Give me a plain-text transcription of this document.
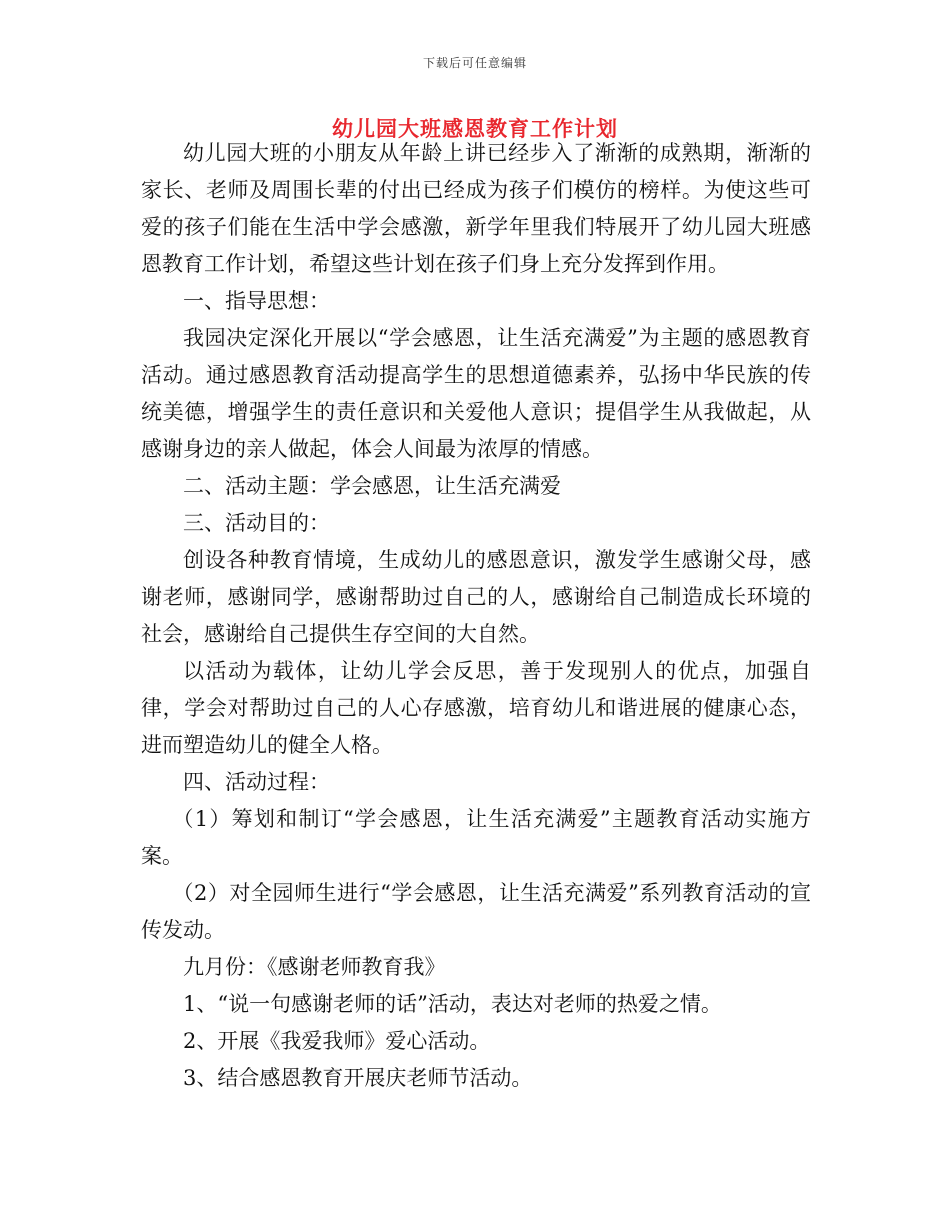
下载后可任意编辑
幼儿园大班感恩教育工作计划

幼儿园大班的小朋友从年龄上讲已经步入了渐渐的成熟期，渐渐的家长、老师及周围长辈的付出已经成为孩子们模仿的榜样。为使这些可爱的孩子们能在生活中学会感激，新学年里我们特展开了幼儿园大班感恩教育工作计划，希望这些计划在孩子们身上充分发挥到作用。

一、指导思想：

我园决定深化开展以“学会感恩，让生活充满爱”为主题的感恩教育活动。通过感恩教育活动提高学生的思想道德素养，弘扬中华民族的传统美德，增强学生的责任意识和关爱他人意识；提倡学生从我做起，从感谢身边的亲人做起，体会人间最为浓厚的情感。

二、活动主题：学会感恩，让生活充满爱

三、活动目的：

创设各种教育情境，生成幼儿的感恩意识，激发学生感谢父母，感谢老师，感谢同学，感谢帮助过自己的人，感谢给自己制造成长环境的社会，感谢给自己提供生存空间的大自然。

以活动为载体，让幼儿学会反思，善于发现别人的优点，加强自律，学会对帮助过自己的人心存感激，培育幼儿和谐进展的健康心态，进而塑造幼儿的健全人格。

四、活动过程：

（1）筹划和制订“学会感恩，让生活充满爱”主题教育活动实施方案。

（2）对全园师生进行“学会感恩，让生活充满爱”系列教育活动的宣传发动。

九月份：《感谢老师教育我》

1、“说一句感谢老师的话”活动，表达对老师的热爱之情。

2、开展《我爱我师》爱心活动。

3、结合感恩教育开展庆老师节活动。
